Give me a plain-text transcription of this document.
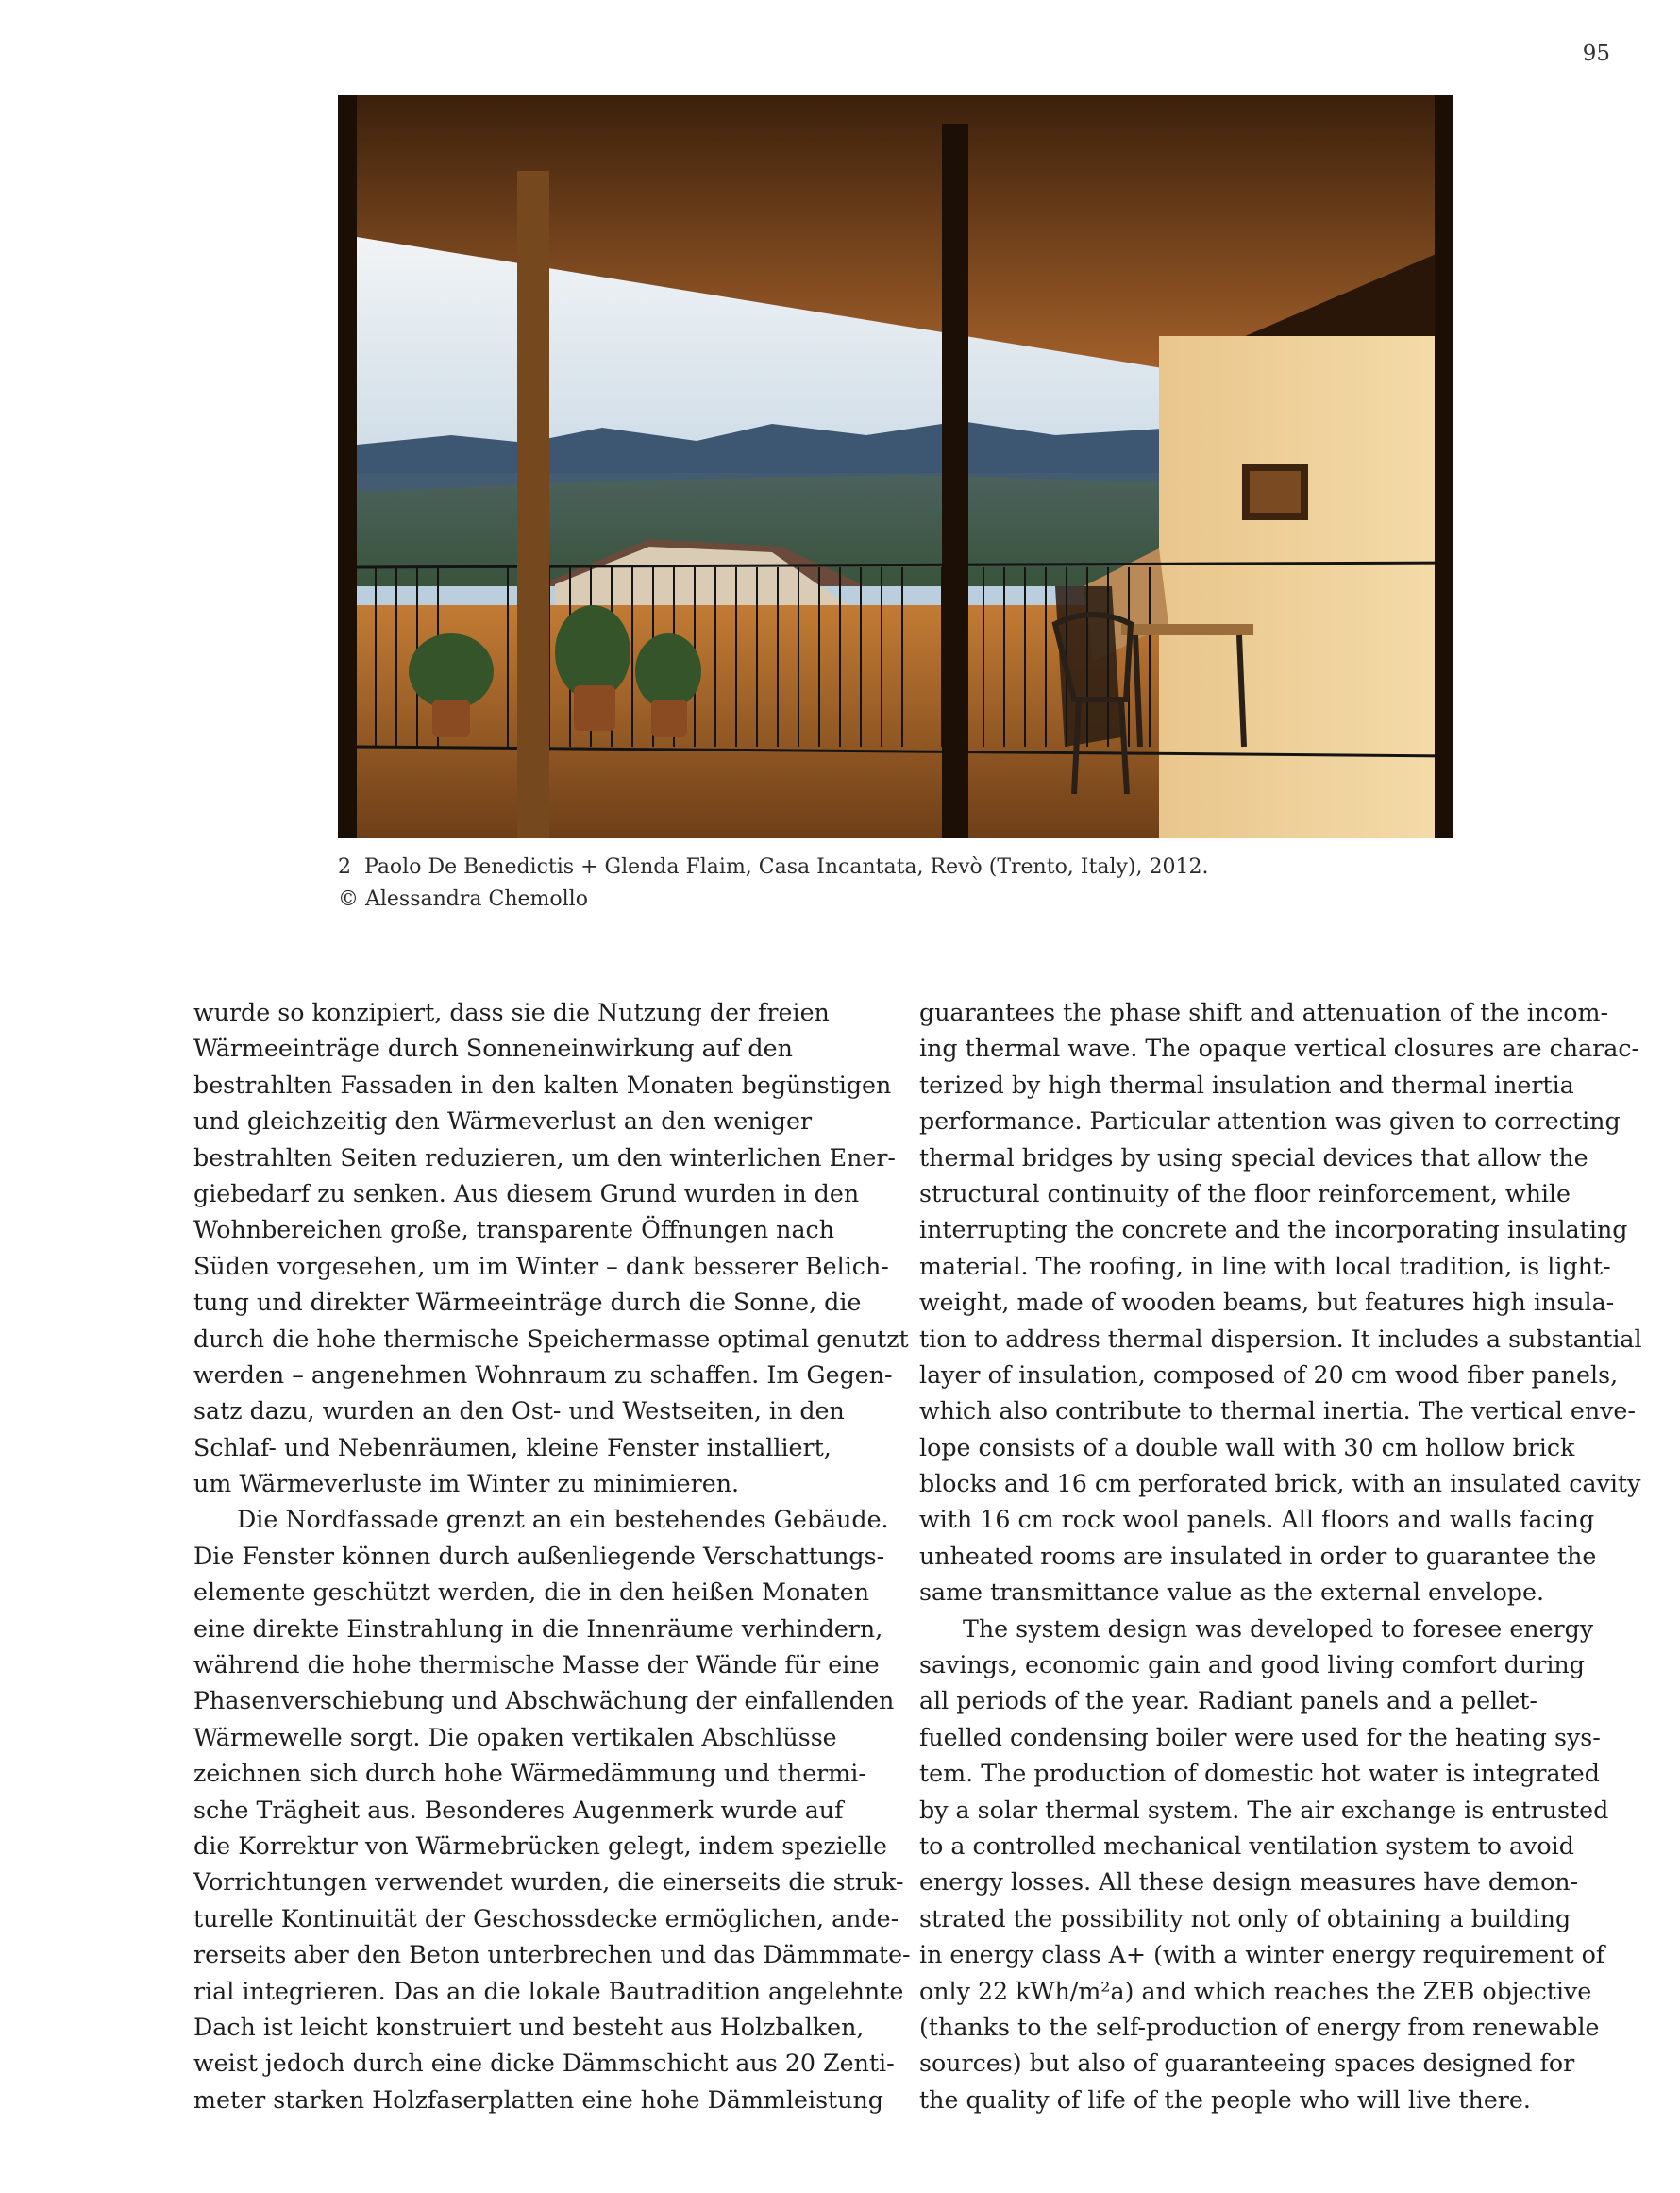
95
2 Paolo De Benedictis + Glenda Flaim, Casa Incantata, Revò (Trento, Italy), 2012.
© Alessandra Chemollo
wurde so konzipiert, dass sie die Nutzung der freien
Wärmeeinträge durch Sonneneinwirkung auf den
bestrahlten Fassaden in den kalten Monaten begünstigen
und gleichzeitig den Wärmeverlust an den weniger
bestrahlten Seiten reduzieren, um den winterlichen Ener-
giebedarf zu senken. Aus diesem Grund wurden in den
Wohnbereichen große, transparente Öffnungen nach
Süden vorgesehen, um im Winter – dank besserer Belich-
tung und direkter Wärmeeinträge durch die Sonne, die
durch die hohe thermische Speichermasse optimal genutzt
werden – angenehmen Wohnraum zu schaffen. Im Gegen-
satz dazu, wurden an den Ost- und Westseiten, in den
Schlaf- und Nebenräumen, kleine Fenster installiert,
um Wärmeverluste im Winter zu minimieren.
Die Nordfassade grenzt an ein bestehendes Gebäude.
Die Fenster können durch außenliegende Verschattungs-
elemente geschützt werden, die in den heißen Monaten
eine direkte Einstrahlung in die Innenräume verhindern,
während die hohe thermische Masse der Wände für eine
Phasenverschiebung und Abschwächung der einfallenden
Wärmewelle sorgt. Die opaken vertikalen Abschlüsse
zeichnen sich durch hohe Wärmedämmung und thermi-
sche Trägheit aus. Besonderes Augenmerk wurde auf
die Korrektur von Wärmebrücken gelegt, indem spezielle
Vorrichtungen verwendet wurden, die einerseits die struk-
turelle Kontinuität der Geschossdecke ermöglichen, ande-
rerseits aber den Beton unterbrechen und das Dämmmate-
rial integrieren. Das an die lokale Bautradition angelehnte
Dach ist leicht konstruiert und besteht aus Holzbalken,
weist jedoch durch eine dicke Dämmschicht aus 20 Zenti-
meter starken Holzfaserplatten eine hohe Dämmleistung
guarantees the phase shift and attenuation of the incom-
ing thermal wave. The opaque vertical closures are charac-
terized by high thermal insulation and thermal inertia
performance. Particular attention was given to correcting
thermal bridges by using special devices that allow the
structural continuity of the floor reinforcement, while
interrupting the concrete and the incorporating insulating
material. The roofing, in line with local tradition, is light-
weight, made of wooden beams, but features high insula-
tion to address thermal dispersion. It includes a substantial
layer of insulation, composed of 20 cm wood fiber panels,
which also contribute to thermal inertia. The vertical enve-
lope consists of a double wall with 30 cm hollow brick
blocks and 16 cm perforated brick, with an insulated cavity
with 16 cm rock wool panels. All floors and walls facing
unheated rooms are insulated in order to guarantee the
same transmittance value as the external envelope.
The system design was developed to foresee energy
savings, economic gain and good living comfort during
all periods of the year. Radiant panels and a pellet-
fuelled condensing boiler were used for the heating sys-
tem. The production of domestic hot water is integrated
by a solar thermal system. The air exchange is entrusted
to a controlled mechanical ventilation system to avoid
energy losses. All these design measures have demon-
strated the possibility not only of obtaining a building
in energy class A+ (with a winter energy requirement of
only 22 kWh/m²a) and which reaches the ZEB objective
(thanks to the self-production of energy from renewable
sources) but also of guaranteeing spaces designed for
the quality of life of the people who will live there.
